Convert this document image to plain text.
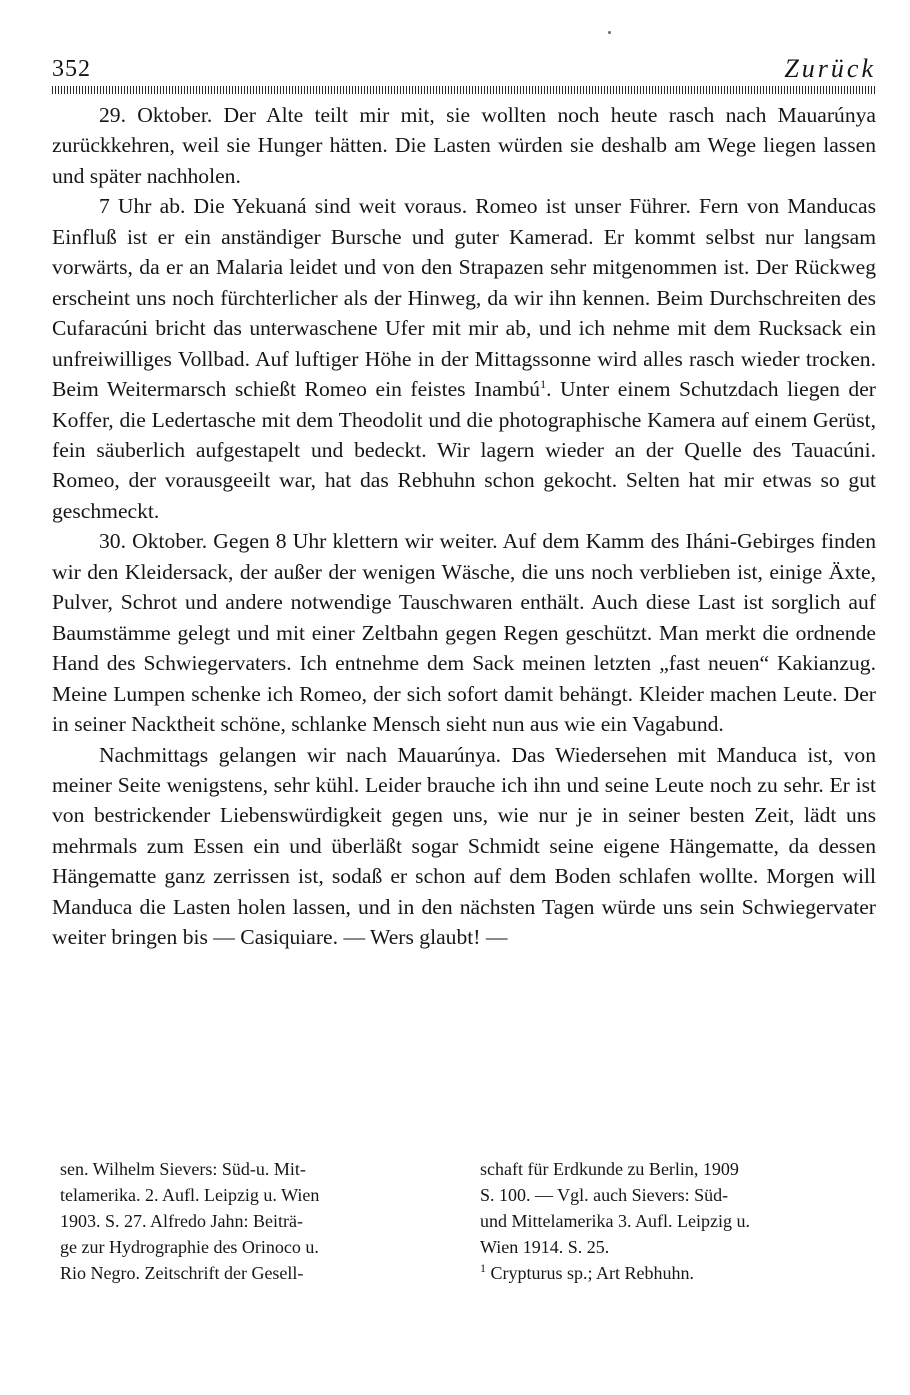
352	Zurück

29. Oktober. Der Alte teilt mir mit, sie wollten noch heute rasch nach Mauarúnya zurückkehren, weil sie Hunger hätten. Die Lasten würden sie deshalb am Wege liegen lassen und später nachholen.

7 Uhr ab. Die Yekuaná sind weit voraus. Romeo ist unser Führer. Fern von Manducas Einfluß ist er ein anständiger Bursche und guter Kamerad. Er kommt selbst nur langsam vorwärts, da er an Malaria leidet und von den Strapazen sehr mitgenommen ist. Der Rückweg erscheint uns noch fürchterlicher als der Hinweg, da wir ihn kennen. Beim Durchschreiten des Cufaracúni bricht das unterwaschene Ufer mit mir ab, und ich nehme mit dem Rucksack ein unfreiwilliges Vollbad. Auf luftiger Höhe in der Mittagssonne wird alles rasch wieder trocken. Beim Weitermarsch schießt Romeo ein feistes Inambú$^1$. Unter einem Schutzdach liegen der Koffer, die Ledertasche mit dem Theodolit und die photographische Kamera auf einem Gerüst, fein säuberlich aufgestapelt und bedeckt. Wir lagern wieder an der Quelle des Tauacúni. Romeo, der vorausgeeilt war, hat das Rebhuhn schon gekocht. Selten hat mir etwas so gut geschmeckt.

30. Oktober. Gegen 8 Uhr klettern wir weiter. Auf dem Kamm des Iháni-Gebirges finden wir den Kleidersack, der außer der wenigen Wäsche, die uns noch verblieben ist, einige Äxte, Pulver, Schrot und andere notwendige Tauschwaren enthält. Auch diese Last ist sorglich auf Baumstämme gelegt und mit einer Zeltbahn gegen Regen geschützt. Man merkt die ordnende Hand des Schwiegervaters. Ich entnehme dem Sack meinen letzten „fast neuen“ Kakianzug. Meine Lumpen schenke ich Romeo, der sich sofort damit behängt. Kleider machen Leute. Der in seiner Nacktheit schöne, schlanke Mensch sieht nun aus wie ein Vagabund.

Nachmittags gelangen wir nach Mauarúnya. Das Wiedersehen mit Manduca ist, von meiner Seite wenigstens, sehr kühl. Leider brauche ich ihn und seine Leute noch zu sehr. Er ist von bestrickender Liebenswürdigkeit gegen uns, wie nur je in seiner besten Zeit, lädt uns mehrmals zum Essen ein und überläßt sogar Schmidt seine eigene Hängematte, da dessen Hängematte ganz zerrissen ist, sodaß er schon auf dem Boden schlafen wollte. Morgen will Manduca die Lasten holen lassen, und in den nächsten Tagen würde uns sein Schwiegervater weiter bringen bis — Casiquiare. — Wers glaubt! —

sen. Wilhelm Sievers: Süd-u. Mit-
telamerika. 2. Aufl. Leipzig u. Wien
1903. S. 27. Alfredo Jahn: Beiträ-
ge zur Hydrographie des Orinoco u.
Rio Negro. Zeitschrift der Gesell-
schaft für Erdkunde zu Berlin, 1909
S. 100. — Vgl. auch Sievers: Süd-
und Mittelamerika 3. Aufl. Leipzig u.
Wien 1914. S. 25.
$^1$ Crypturus sp.; Art Rebhuhn.
